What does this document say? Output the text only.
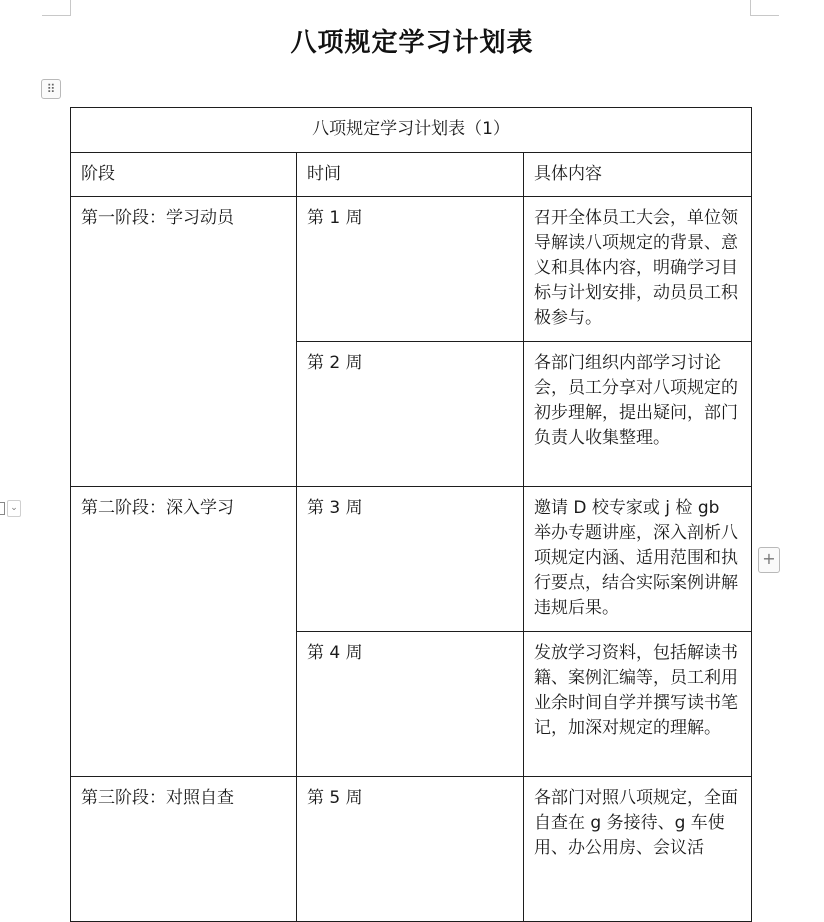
八项规定学习计划表
⠿
⌄
八项规定学习计划表（1）		
阶段	时间	具体内容
第一阶段：学习动员	第 1 周	召开全体员工大会，单位领导解读八项规定的背景、意义和具体内容，明确学习目标与计划安排，动员员工积极参与。
	第 2 周	各部门组织内部学习讨论会，员工分享对八项规定的初步理解，提出疑问，部门负责人收集整理。
第二阶段：深入学习	第 3 周	邀请 D 校专家或 j 检 gb 举办专题讲座，深入剖析八项规定内涵、适用范围和执行要点，结合实际案例讲解违规后果。
	第 4 周	发放学习资料，包括解读书籍、案例汇编等，员工利用业余时间自学并撰写读书笔记，加深对规定的理解。
第三阶段：对照自查	第 5 周	各部门对照八项规定，全面自查在 g 务接待、g 车使用、办公用房、会议活
+
